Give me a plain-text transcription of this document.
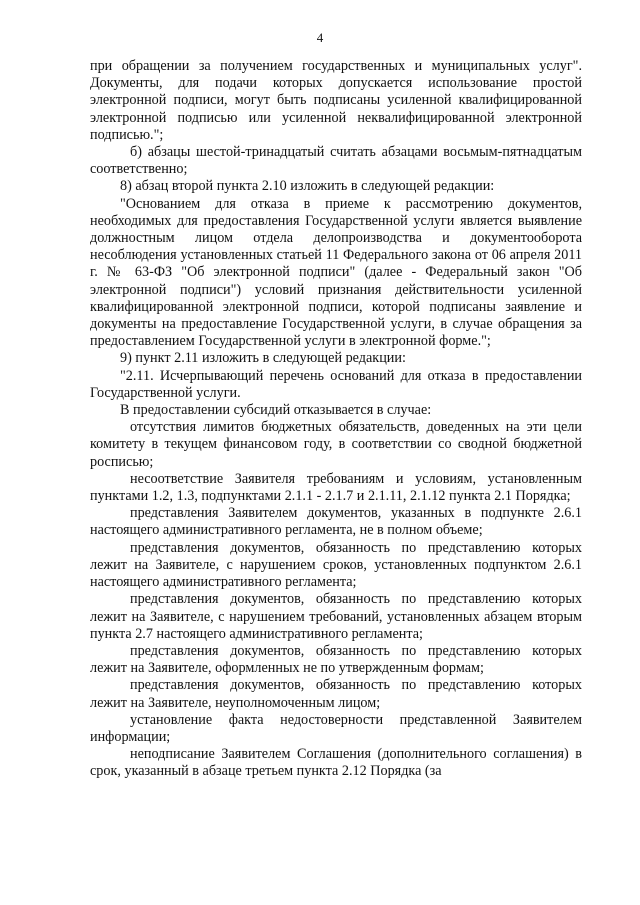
4

при обращении за получением государственных и муниципальных услуг". Документы, для подачи которых допускается использование простой электронной подписи, могут быть подписаны усиленной квалифицированной электронной подписью или усиленной неквалифицированной электронной подписью.";

б) абзацы шестой-тринадцатый считать абзацами восьмым-пятнадцатым соответственно;

8) абзац второй пункта 2.10 изложить в следующей редакции:

"Основанием для отказа в приеме к рассмотрению документов, необходимых для предоставления Государственной услуги является выявление должностным лицом отдела делопроизводства и документооборота несоблюдения установленных статьей 11 Федерального закона от 06 апреля 2011 г. № 63-ФЗ "Об электронной подписи" (далее - Федеральный закон "Об электронной подписи") условий признания действительности усиленной квалифицированной электронной подписи, которой подписаны заявление и документы на предоставление Государственной услуги, в случае обращения за предоставлением Государственной услуги в электронной форме.";

9) пункт 2.11 изложить в следующей редакции:

"2.11. Исчерпывающий перечень оснований для отказа в предоставлении Государственной услуги.

В предоставлении субсидий отказывается в случае:

отсутствия лимитов бюджетных обязательств, доведенных на эти цели комитету в текущем финансовом году, в соответствии со сводной бюджетной росписью;

несоответствие Заявителя требованиям и условиям, установленным пунктами 1.2, 1.3, подпунктами 2.1.1 - 2.1.7 и 2.1.11, 2.1.12 пункта 2.1 Порядка;

представления Заявителем документов, указанных в подпункте 2.6.1 настоящего административного регламента, не в полном объеме;

представления документов, обязанность по представлению которых лежит на Заявителе, с нарушением сроков, установленных подпунктом 2.6.1 настоящего административного регламента;

представления документов, обязанность по представлению которых лежит на Заявителе, с нарушением требований, установленных абзацем вторым пункта 2.7 настоящего административного регламента;

представления документов, обязанность по представлению которых лежит на Заявителе, оформленных не по утвержденным формам;

представления документов, обязанность по представлению которых лежит на Заявителе, неуполномоченным лицом;

установление факта недостоверности представленной Заявителем информации;

неподписание Заявителем Соглашения (дополнительного соглашения) в срок, указанный в абзаце третьем пункта 2.12 Порядка (за
